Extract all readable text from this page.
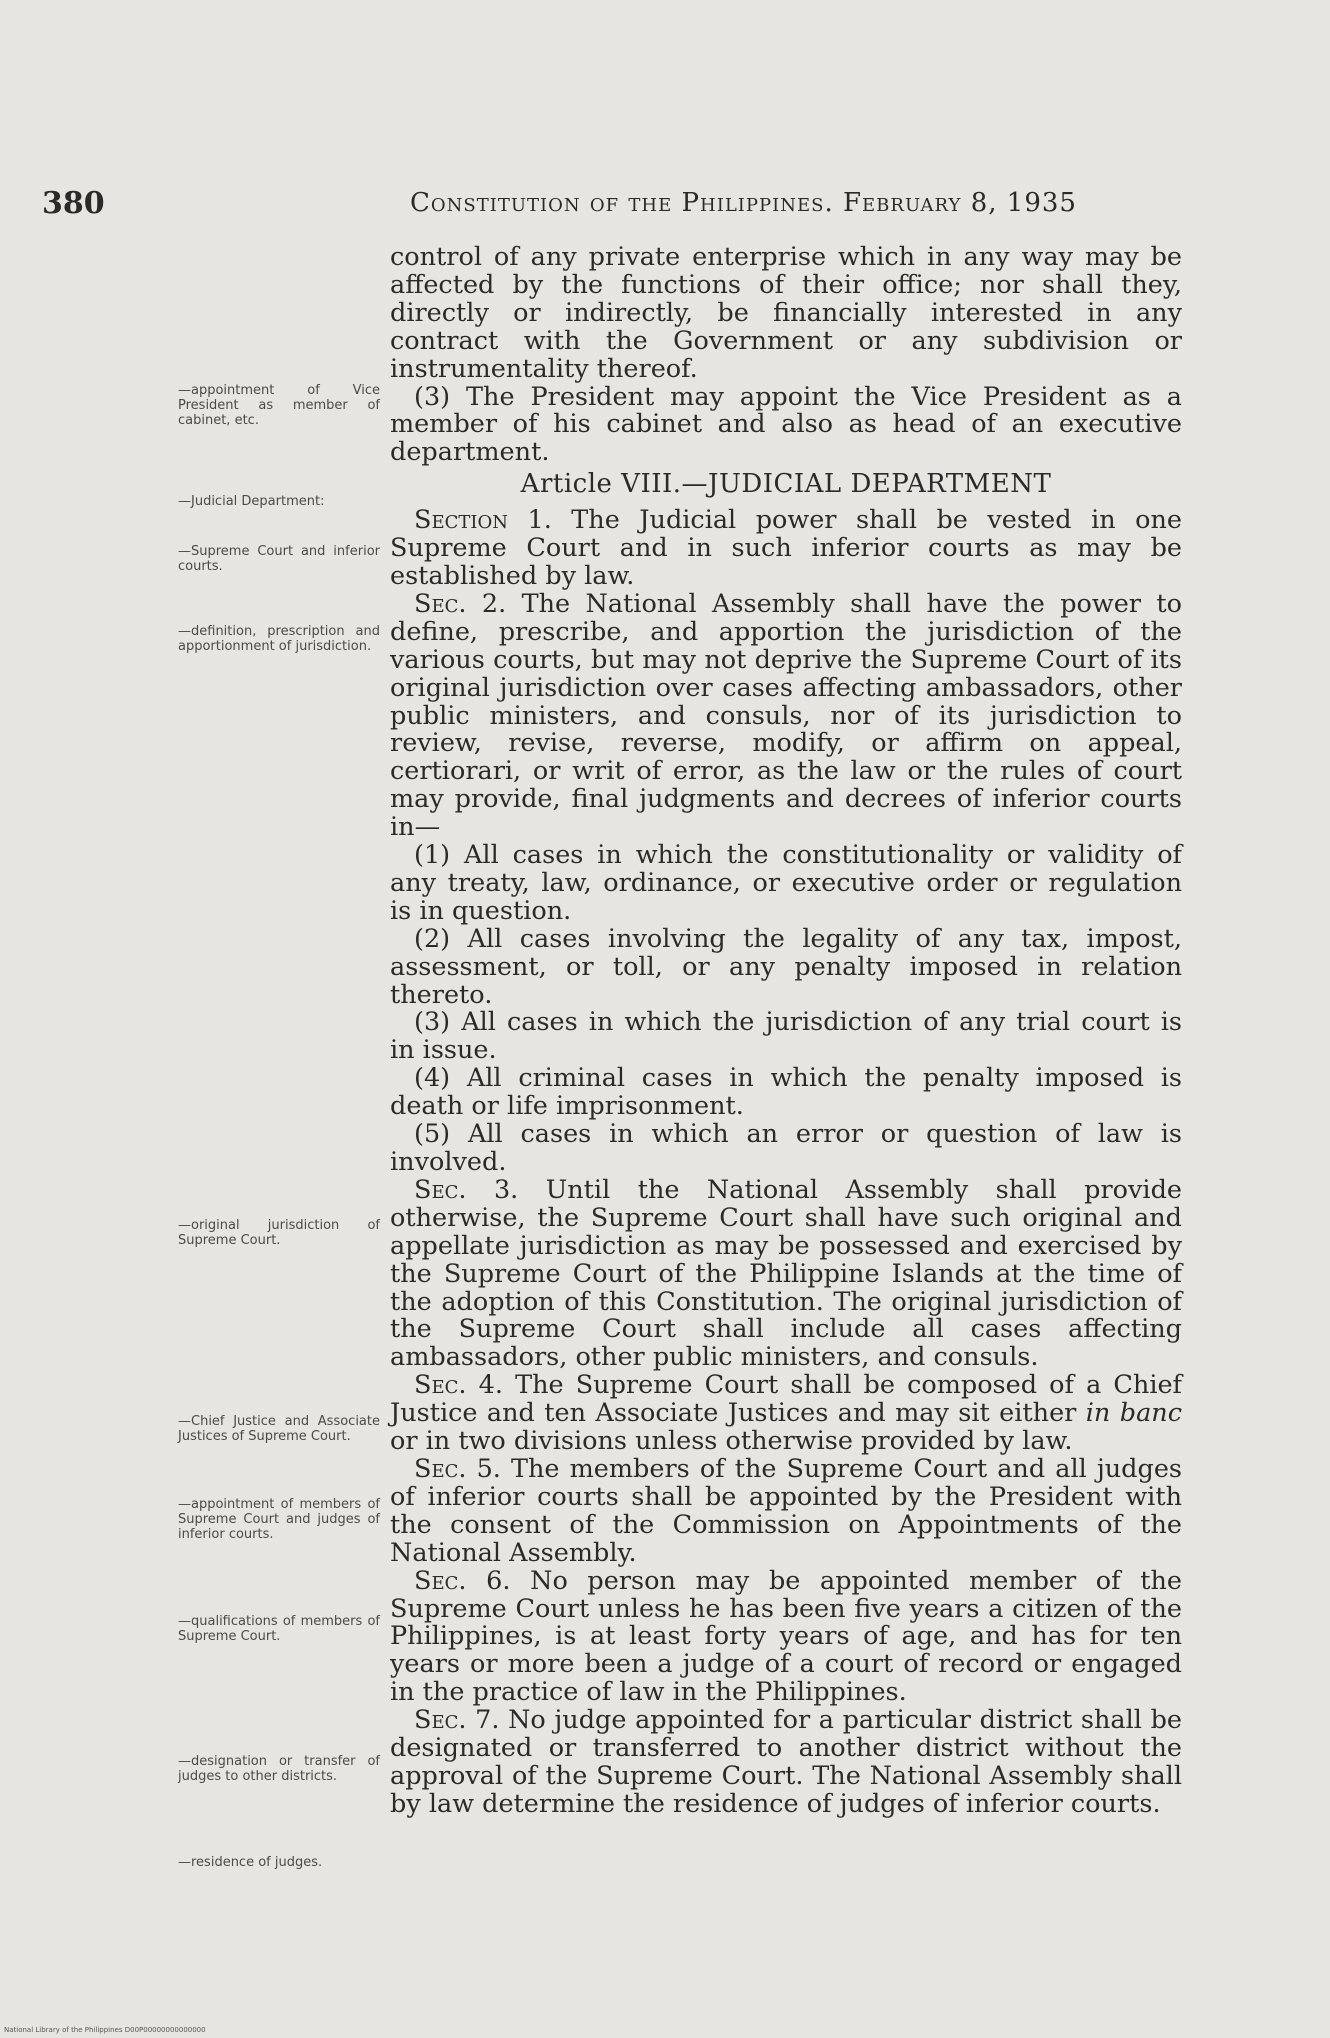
380	Constitution of the Philippines. February 8, 1935
—appointment of Vice President as member of cabinet, etc.
—Judicial Department:
—Supreme Court and inferior courts.
—definition, prescription and apportionment of jurisdiction.
—original jurisdiction of Supreme Court.
—Chief Justice and Associate Justices of Supreme Court.
—appointment of members of Supreme Court and judges of inferior courts.
—qualifications of members of Supreme Court.
—designation or transfer of judges to other districts.
—residence of judges.

control of any private enterprise which in any way may be affected by the functions of their office; nor shall they, directly or indirectly, be financially interested in any contract with the Government or any subdivision or instrumentality thereof.

(3) The President may appoint the Vice President as a member of his cabinet and also as head of an executive department.

Article VIII.—JUDICIAL DEPARTMENT

Section 1. The Judicial power shall be vested in one Supreme Court and in such inferior courts as may be established by law.

Sec. 2. The National Assembly shall have the power to define, prescribe, and apportion the jurisdiction of the various courts, but may not deprive the Supreme Court of its original jurisdiction over cases affecting ambassadors, other public ministers, and consuls, nor of its jurisdiction to review, revise, reverse, modify, or affirm on appeal, certiorari, or writ of error, as the law or the rules of court may provide, final judgments and decrees of inferior courts in—

(1) All cases in which the constitutionality or validity of any treaty, law, ordinance, or executive order or regulation is in question.

(2) All cases involving the legality of any tax, impost, assessment, or toll, or any penalty imposed in relation thereto.

(3) All cases in which the jurisdiction of any trial court is in issue.

(4) All criminal cases in which the penalty imposed is death or life imprisonment.

(5) All cases in which an error or question of law is involved.

Sec. 3. Until the National Assembly shall provide otherwise, the Supreme Court shall have such original and appellate jurisdiction as may be possessed and exercised by the Supreme Court of the Philippine Islands at the time of the adoption of this Constitution. The original jurisdiction of the Supreme Court shall include all cases affecting ambassadors, other public ministers, and consuls.

Sec. 4. The Supreme Court shall be composed of a Chief Justice and ten Associate Justices and may sit either in banc or in two divisions unless otherwise provided by law.

Sec. 5. The members of the Supreme Court and all judges of inferior courts shall be appointed by the President with the consent of the Commission on Appointments of the National Assembly.

Sec. 6. No person may be appointed member of the Supreme Court unless he has been five years a citizen of the Philippines, is at least forty years of age, and has for ten years or more been a judge of a court of record or engaged in the practice of law in the Philippines.

Sec. 7. No judge appointed for a particular district shall be designated or transferred to another district without the approval of the Supreme Court. The National Assembly shall by law determine the residence of judges of inferior courts.

National Library of the Philippines D00P00000000000000
